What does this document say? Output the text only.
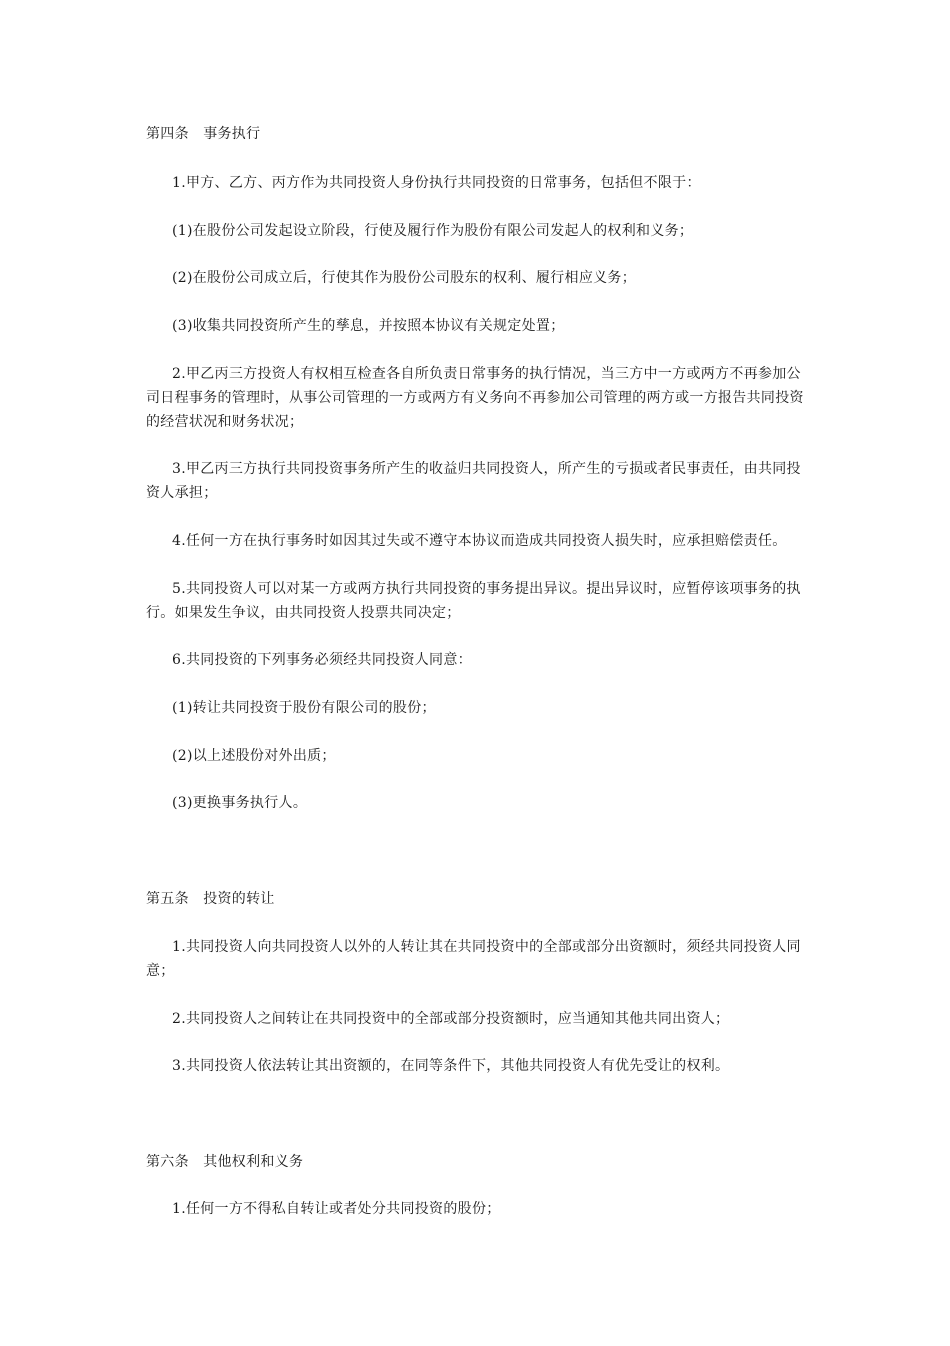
第四条　事务执行
1.甲方、乙方、丙方作为共同投资人身份执行共同投资的日常事务，包括但不限于：
(1)在股份公司发起设立阶段，行使及履行作为股份有限公司发起人的权利和义务；
(2)在股份公司成立后，行使其作为股份公司股东的权利、履行相应义务；
(3)收集共同投资所产生的孳息，并按照本协议有关规定处置；
2.甲乙丙三方投资人有权相互检查各自所负责日常事务的执行情况，当三方中一方或两方不再参加公
司日程事务的管理时，从事公司管理的一方或两方有义务向不再参加公司管理的两方或一方报告共同投资
的经营状况和财务状况；
3.甲乙丙三方执行共同投资事务所产生的收益归共同投资人，所产生的亏损或者民事责任，由共同投
资人承担；
4.任何一方在执行事务时如因其过失或不遵守本协议而造成共同投资人损失时，应承担赔偿责任。
5.共同投资人可以对某一方或两方执行共同投资的事务提出异议。提出异议时，应暂停该项事务的执
行。如果发生争议，由共同投资人投票共同决定；
6.共同投资的下列事务必须经共同投资人同意：
(1)转让共同投资于股份有限公司的股份；
(2)以上述股份对外出质；
(3)更换事务执行人。
第五条　投资的转让
1.共同投资人向共同投资人以外的人转让其在共同投资中的全部或部分出资额时，须经共同投资人同
意；
2.共同投资人之间转让在共同投资中的全部或部分投资额时，应当通知其他共同出资人；
3.共同投资人依法转让其出资额的，在同等条件下，其他共同投资人有优先受让的权利。
第六条　其他权利和义务
1.任何一方不得私自转让或者处分共同投资的股份；
